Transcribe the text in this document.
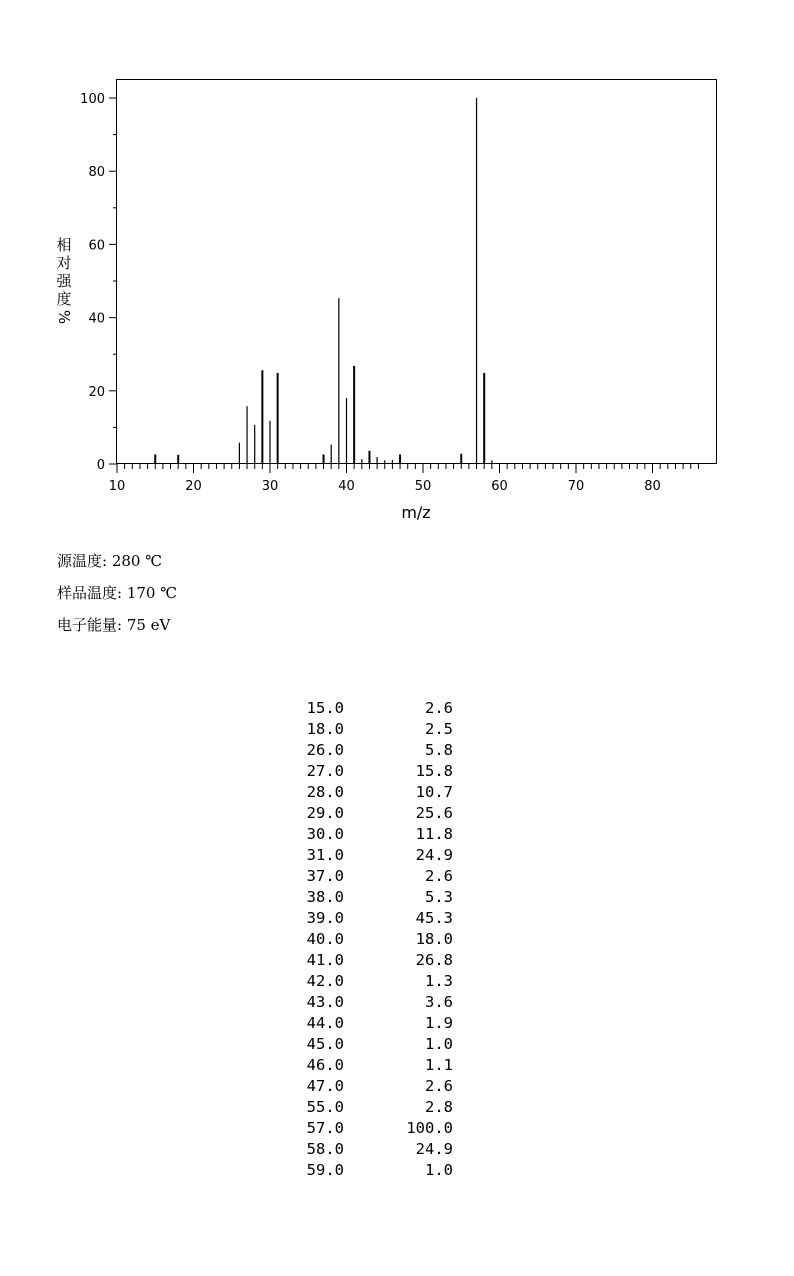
0
20
40
60
80
100
10	20	30	40	50	60	70	80
相
对
强
度
%
m/z
源温度: 280 ℃
样品温度: 170 ℃
电子能量: 75 eV
15.0	2.6
18.0	2.5
26.0	5.8
27.0	15.8
28.0	10.7
29.0	25.6
30.0	11.8
31.0	24.9
37.0	2.6
38.0	5.3
39.0	45.3
40.0	18.0
41.0	26.8
42.0	1.3
43.0	3.6
44.0	1.9
45.0	1.0
46.0	1.1
47.0	2.6
55.0	2.8
57.0	100.0
58.0	24.9
59.0	1.0
